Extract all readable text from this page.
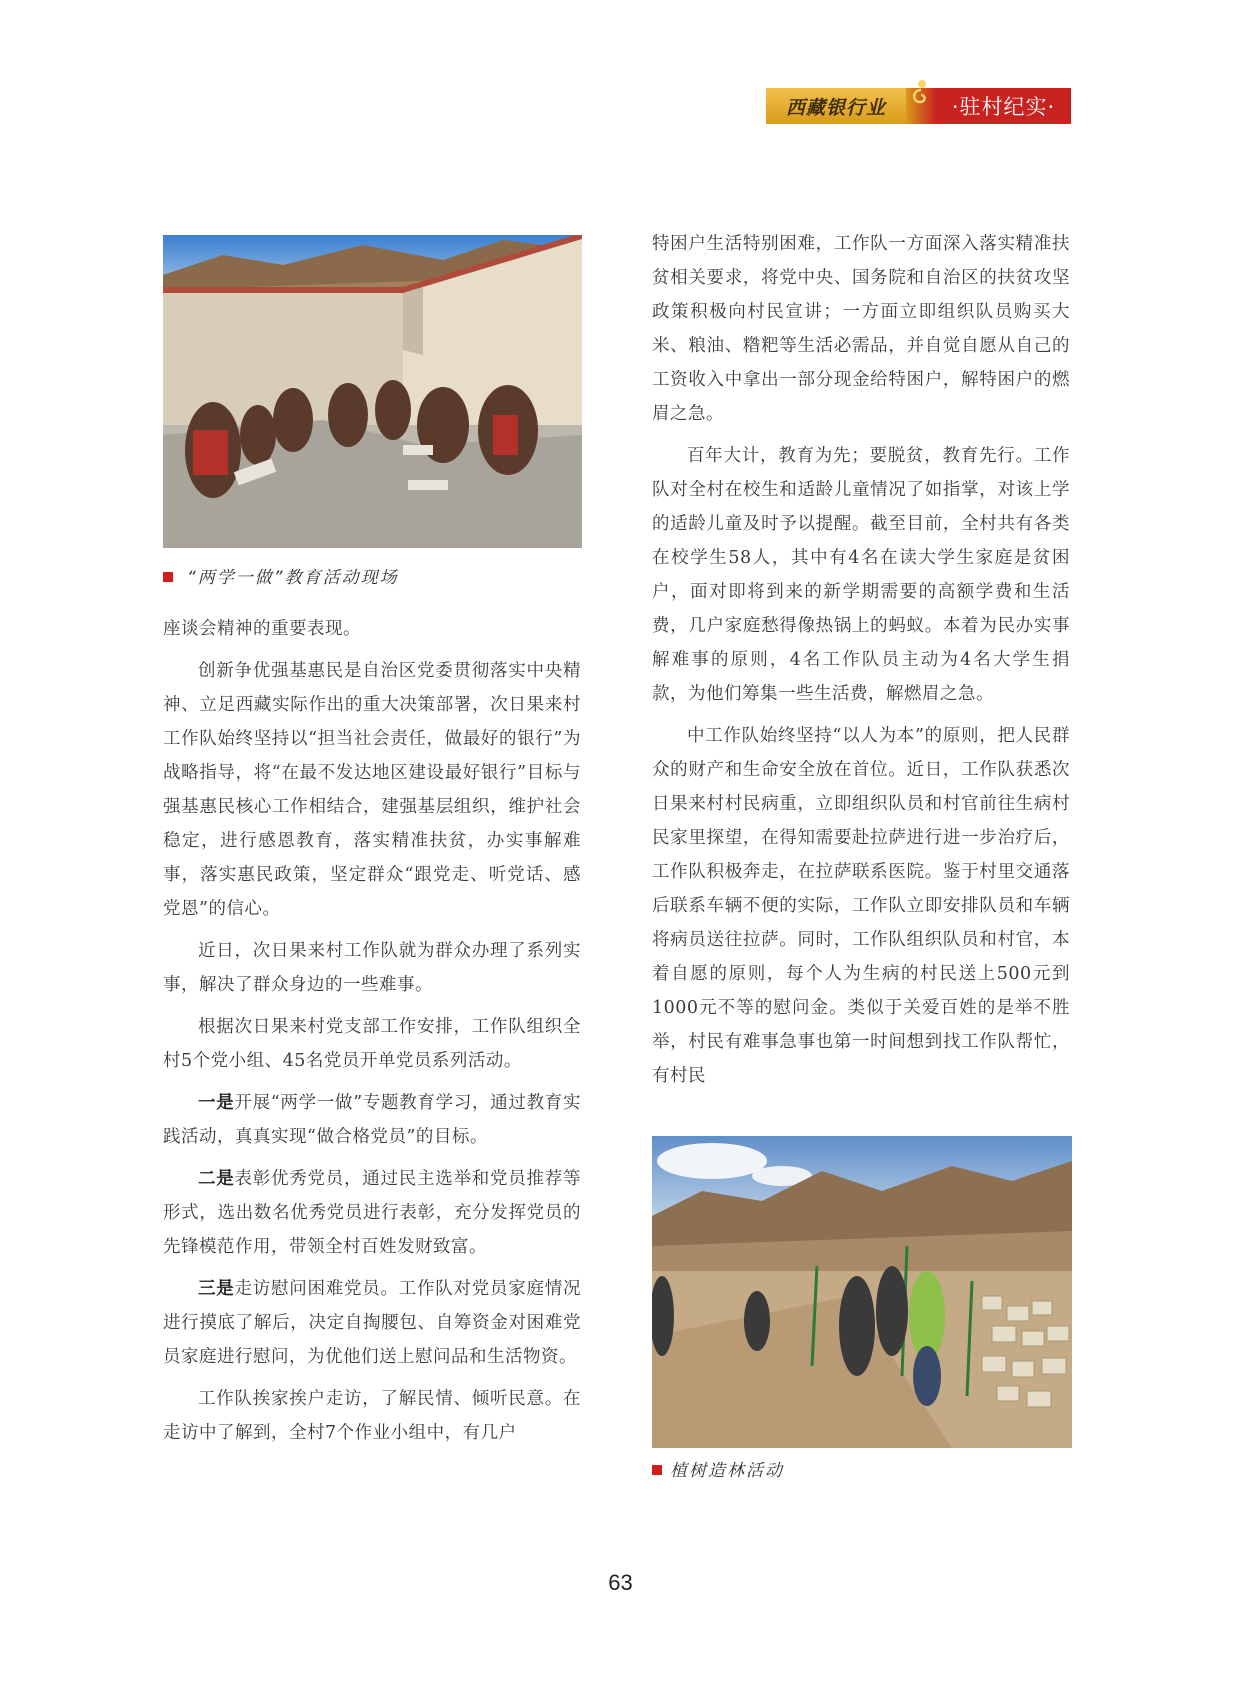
西藏银行业	·驻村纪实·
“两学一做”教育活动现场

座谈会精神的重要表现。

创新争优强基惠民是自治区党委贯彻落实中央精神、立足西藏实际作出的重大决策部署，次日果来村工作队始终坚持以“担当社会责任，做最好的银行”为战略指导，将“在最不发达地区建设最好银行”目标与强基惠民核心工作相结合，建强基层组织，维护社会稳定，进行感恩教育，落实精准扶贫，办实事解难事，落实惠民政策，坚定群众“跟党走、听党话、感党恩”的信心。

近日，次日果来村工作队就为群众办理了系列实事，解决了群众身边的一些难事。

根据次日果来村党支部工作安排，工作队组织全村5个党小组、45名党员开单党员系列活动。

一是开展“两学一做”专题教育学习，通过教育实践活动，真真实现“做合格党员”的目标。

二是表彰优秀党员，通过民主选举和党员推荐等形式，选出数名优秀党员进行表彰，充分发挥党员的先锋模范作用，带领全村百姓发财致富。

三是走访慰问困难党员。工作队对党员家庭情况进行摸底了解后，决定自掏腰包、自筹资金对困难党员家庭进行慰问，为优他们送上慰问品和生活物资。

工作队挨家挨户走访，了解民情、倾听民意。在走访中了解到，全村7个作业小组中，有几户

特困户生活特别困难，工作队一方面深入落实精准扶贫相关要求，将党中央、国务院和自治区的扶贫攻坚政策积极向村民宣讲；一方面立即组织队员购买大米、粮油、糌粑等生活必需品，并自觉自愿从自己的工资收入中拿出一部分现金给特困户，解特困户的燃眉之急。

百年大计，教育为先；要脱贫，教育先行。工作队对全村在校生和适龄儿童情况了如指掌，对该上学的适龄儿童及时予以提醒。截至目前，全村共有各类在校学生58人，其中有4名在读大学生家庭是贫困户，面对即将到来的新学期需要的高额学费和生活费，几户家庭愁得像热锅上的蚂蚁。本着为民办实事解难事的原则，4名工作队员主动为4名大学生捐款，为他们筹集一些生活费，解燃眉之急。

中工作队始终坚持“以人为本”的原则，把人民群众的财产和生命安全放在首位。近日，工作队获悉次日果来村村民病重，立即组织队员和村官前往生病村民家里探望，在得知需要赴拉萨进行进一步治疗后，工作队积极奔走，在拉萨联系医院。鉴于村里交通落后联系车辆不便的实际，工作队立即安排队员和车辆将病员送往拉萨。同时，工作队组织队员和村官，本着自愿的原则，每个人为生病的村民送上500元到1000元不等的慰问金。类似于关爱百姓的是举不胜举，村民有难事急事也第一时间想到找工作队帮忙，有村民

植树造林活动
63
